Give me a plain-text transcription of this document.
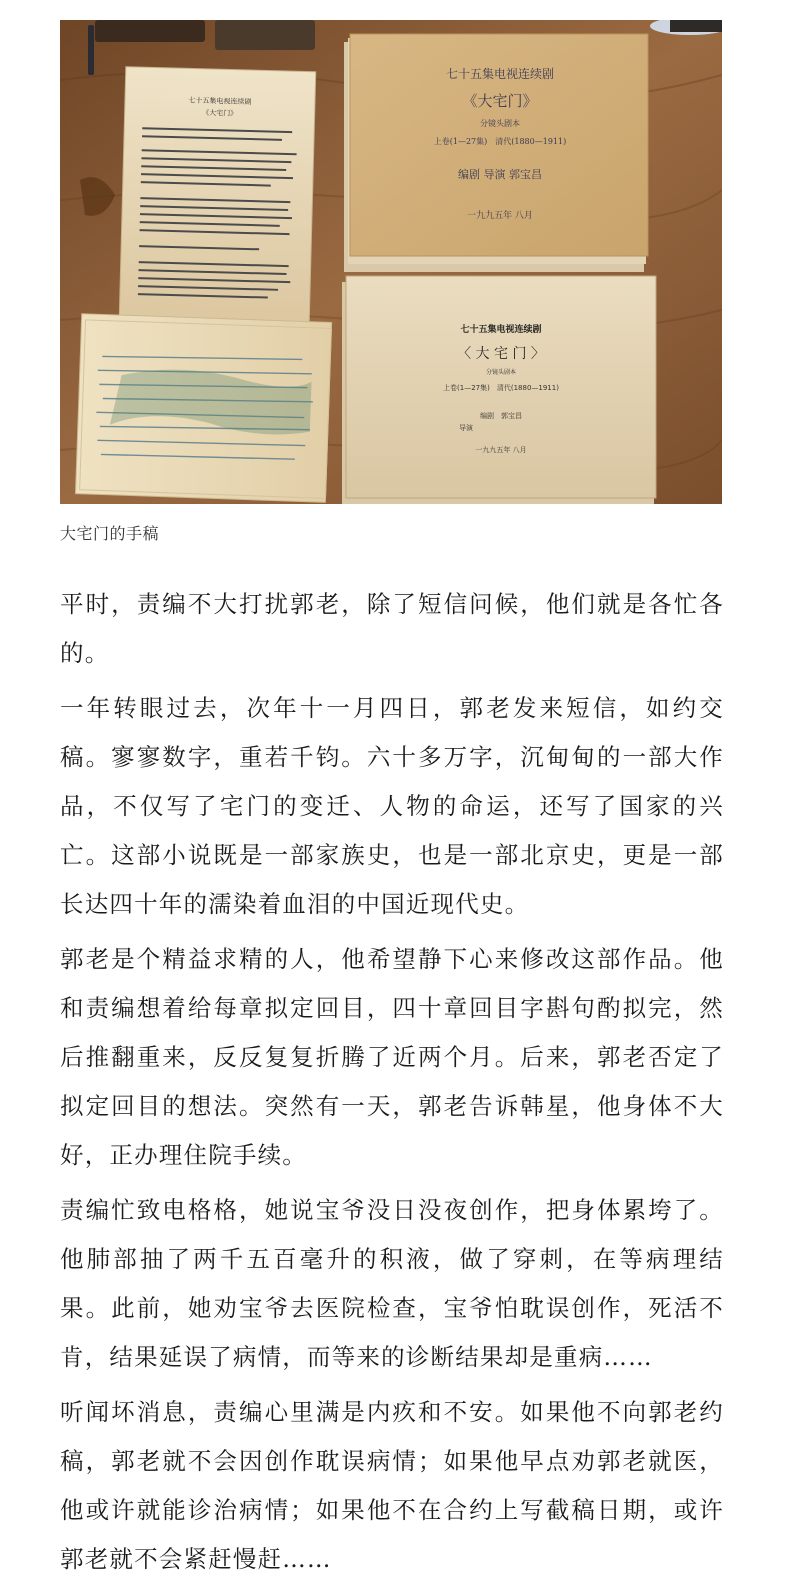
七十五集电视连续剧
《大宅门》
七十五集电视连续剧
《大宅门》
分镜头剧本
上卷(1—27集)　清代(1880—1911)
编剧 导演 郭宝昌
一九九五年 八月
七十五集电视连续剧
〈 大 宅 门 〉
分镜头剧本
上卷(1—27集)　清代(1880—1911)
编剧　郭宝昌
导演
一九九五年 八月
大宅门的手稿

平时，责编不大打扰郭老，除了短信问候，他们就是各忙各的。

一年转眼过去，次年十一月四日，郭老发来短信，如约交稿。寥寥数字，重若千钧。六十多万字，沉甸甸的一部大作品，不仅写了宅门的变迁、人物的命运，还写了国家的兴亡。这部小说既是一部家族史，也是一部北京史，更是一部长达四十年的濡染着血泪的中国近现代史。

郭老是个精益求精的人，他希望静下心来修改这部作品。他和责编想着给每章拟定回目，四十章回目字斟句酌拟完，然后推翻重来，反反复复折腾了近两个月。后来，郭老否定了拟定回目的想法。突然有一天，郭老告诉韩星，他身体不大好，正办理住院手续。

责编忙致电格格，她说宝爷没日没夜创作，把身体累垮了。他肺部抽了两千五百毫升的积液，做了穿刺，在等病理结果。此前，她劝宝爷去医院检查，宝爷怕耽误创作，死活不肯，结果延误了病情，而等来的诊断结果却是重病……

听闻坏消息，责编心里满是内疚和不安。如果他不向郭老约稿，郭老就不会因创作耽误病情；如果他早点劝郭老就医，他或许就能诊治病情；如果他不在合约上写截稿日期，或许郭老就不会紧赶慢赶……
